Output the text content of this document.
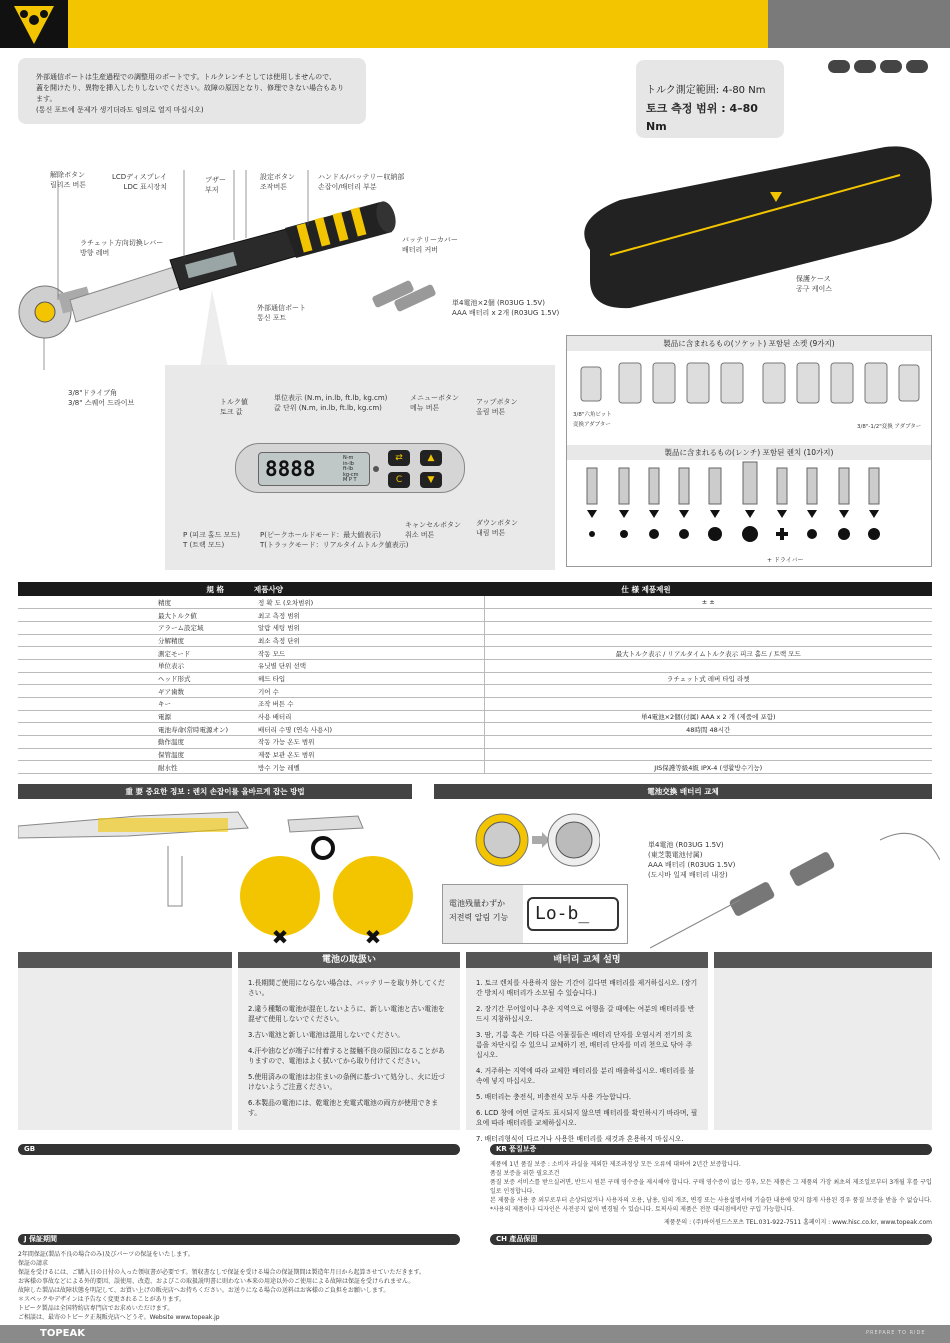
外部通信ポートは生産過程での調整用のポートです。トルクレンチとしては使用しませんので、
蓋を開けたり、異物を挿入したりしないでください。故障の原因となり、修理できない場合もあります。
(통신 포트에 문제가 생기더라도 임의로 열지 마십시오)
トルク測定範囲: 4-80 Nm
토크 측정 범위 : 4–80 Nm
解除ボタン
릴리즈 버튼
LCDディスプレイ
LDC 표시장치
ブザー
부저
設定ボタン
조작버튼
ハンドル/バッテリー収納部
손잡이/배터리 부분
ラチェット方向切換レバー
방향 레버
バッテリーカバー
배터리 커버
外部通信ポート
통신 포트
3/8"ドライブ角
3/8" 스퀘어 드라이브
単4電池×2個 (R03UG 1.5V)
AAA 배터리 x 2개 (R03UG 1.5V)
保護ケース
공구 케이스
8888	N-m
in-lb
ft-lb
kg-cm
M P T
⇄
C
▲
▼
トルク値
토크 값
単位表示 (N.m, in.lb, ft.lb, kg.cm)
값 단위 (N.m, in.lb, ft.lb, kg.cm)
メニューボタン
메뉴 버튼
アップボタン
올림 버튼
キャンセルボタン
취소 버튼
ダウンボタン
내림 버튼
P (피크 홀드 모드)
T (트랙 모드)
P(ピークホールドモード：最大値表示)
T(トラックモード：リアルタイムトルク値表示)
製品に含まれるもの(ソケット) 포함된 소켓 (9가지)
3/8"六角ビット
変換アダプター	3/8"-1/2"変換 アダプター
製品に含まれるもの(レンチ) 포함된 렌치 (10가지)
+ ドライバー
規 格		제품사양	仕 様 제품제원	
	精度	정 확 도 (오차범위)		± ±
	最大トルク値	최고 측정 범위		
	アラーム設定域	알람 세팅 범위		
	分解精度	최소 측정 단위		
	測定モード	작동 모드		最大トルク表示 / リアルタイムトルク表示 피크 홀드 / 트랙 모드
	単位表示	유닛별 단위 선택		
	ヘッド形式	헤드 타입		ラチェット式 레버 타입 라쳇
	ギア歯数	기어 수		
	キー	조작 버튼 수		
	電源	사용 배터리		単4電池×2個(付属) AAA x 2 개 (제품에 포함)
	電池寿命(常時電源オン)	배터리 수명 (연속 사용시)		48時間 48시간
	動作温度	작동 가능 온도 범위		
	保管温度	제품 보관 온도 범위		
	耐水性	방수 기능 레벨		JIS保護等級4級 IPX-4 (생활방수기능)
重 要 중요한 정보 : 렌치 손잡이를 올바르게 잡는 방법	電池交換 배터리 교체
✖	✖
単4電池 (R03UG 1.5V)
(東芝製電池付属)
AAA 배터리 (R03UG 1.5V)
(도시바 일제 배터리 내장)
電池残量わずか
저전력 알림 기능	Lo-b_
電池の取扱い
1.長期間ご使用にならない場合は、バッテリーを取り外してください。
2.違う種類の電池が混在しないように、新しい電池と古い電池を混ぜて使用しないでください。
3.古い電池と新しい電池は混用しないでください。
4.汗や油などが端子に付着すると接触不良の原因になることがありますので、電池はよく拭いてから取り付けてください。
5.使用済みの電池はお住まいの条例に基づいて処分し、火に近づけないようご注意ください。
6.本製品の電池には、乾電池と充電式電池の両方が使用できます。
배터리 교체 설명
1. 토크 렌치를 사용하지 않는 기간이 길다면 배터리를 제거하십시오. (장기간 방치시 배터리가 소모될 수 있습니다.)
2. 장기간 무어일이나 추운 지역으로 여행을 갈 때에는 여분의 배터리를 반드시 지참하십시오.
3. 땀, 기름 혹은 기타 다른 이물질들은 배터리 단자를 오염시켜 전기의 흐름을 차단시킬 수 있으니 교체하기 전, 배터리 단자를 미리 천으로 닦아 주십시오.
4. 거주하는 지역에 따라 교체한 배터리를 분리 배출하십시오. 배터리를 불 속에 넣지 마십시오.
5. 배터리는 충전식, 비충전식 모두 사용 가능합니다.
6. LCD 창에 어떤 글자도 표시되지 않으면 배터리를 확인하시기 바라며, 필요에 따라 배터리를 교체하십시오.
7. 배터리형식이 다르거나 사용한 배터리를 새것과 혼용하지 마십시오.
GB	KR 품질보증
제품에 1년 품질 보증 : 소비자 과실을 제외한 제조과정상 모든 오류에 대하여 2년간 보증합니다.
품질 보증을 위한 필요조건
품질 보증 서비스를 받으실려면, 반드시 원본 구매 영수증을 제시해야 합니다. 구매 영수증이 없는 경우, 모든 제품은 그 제품의 가장 최초의 제조일로부터 3개월 후를 구입일로 인정합니다.
본 제품을 사용 중 외부로부터 손상되었거나 사용자의 오용, 남용, 임의 개조, 변경 또는 사용설명서에 기술한 내용에 맞지 않게 사용된 경우 품질 보증을 받을 수 없습니다.
*사용의 제품이나 디자인은 사전공지 없이 변경될 수 있습니다. 토픽사의 제품은 전문 대리점에서만 구입 가능합니다.
제품문의 : (주)하이원드스포츠 TEL.031-922-7511 홈페이지 : www.hisc.co.kr, www.topeak.com
J 保証期間
2年間保証(製品不良の場合のみ)及びパーツの保証をいたします。
保証の請求
保証を受けるには、ご購入日の日付の入った領収書が必要です。領収書なしで保証を受ける場合の保証期間は製造年月日から起算させていただきます。
お客様の事故などによる外的要因、誤使用、改造、およびこの取扱説明書に則わない本来の用途以外のご使用による故障は保証を受けられません。
故障した製品は故障状態を明記して、お買い上げの販売店へお持ちください。お送りになる場合の送料はお客様のご負担をお願いします。
＊スペックやデザインは予告なく変更されることがあります。
トピーク製品は全国特約店専門店でお求めいただけます。
ご相談は、最寄のトピーク正規販売店へどうぞ。Website www.topeak.jp
CH 產品保固
TOPEAK	PREPARE TO RIDE
